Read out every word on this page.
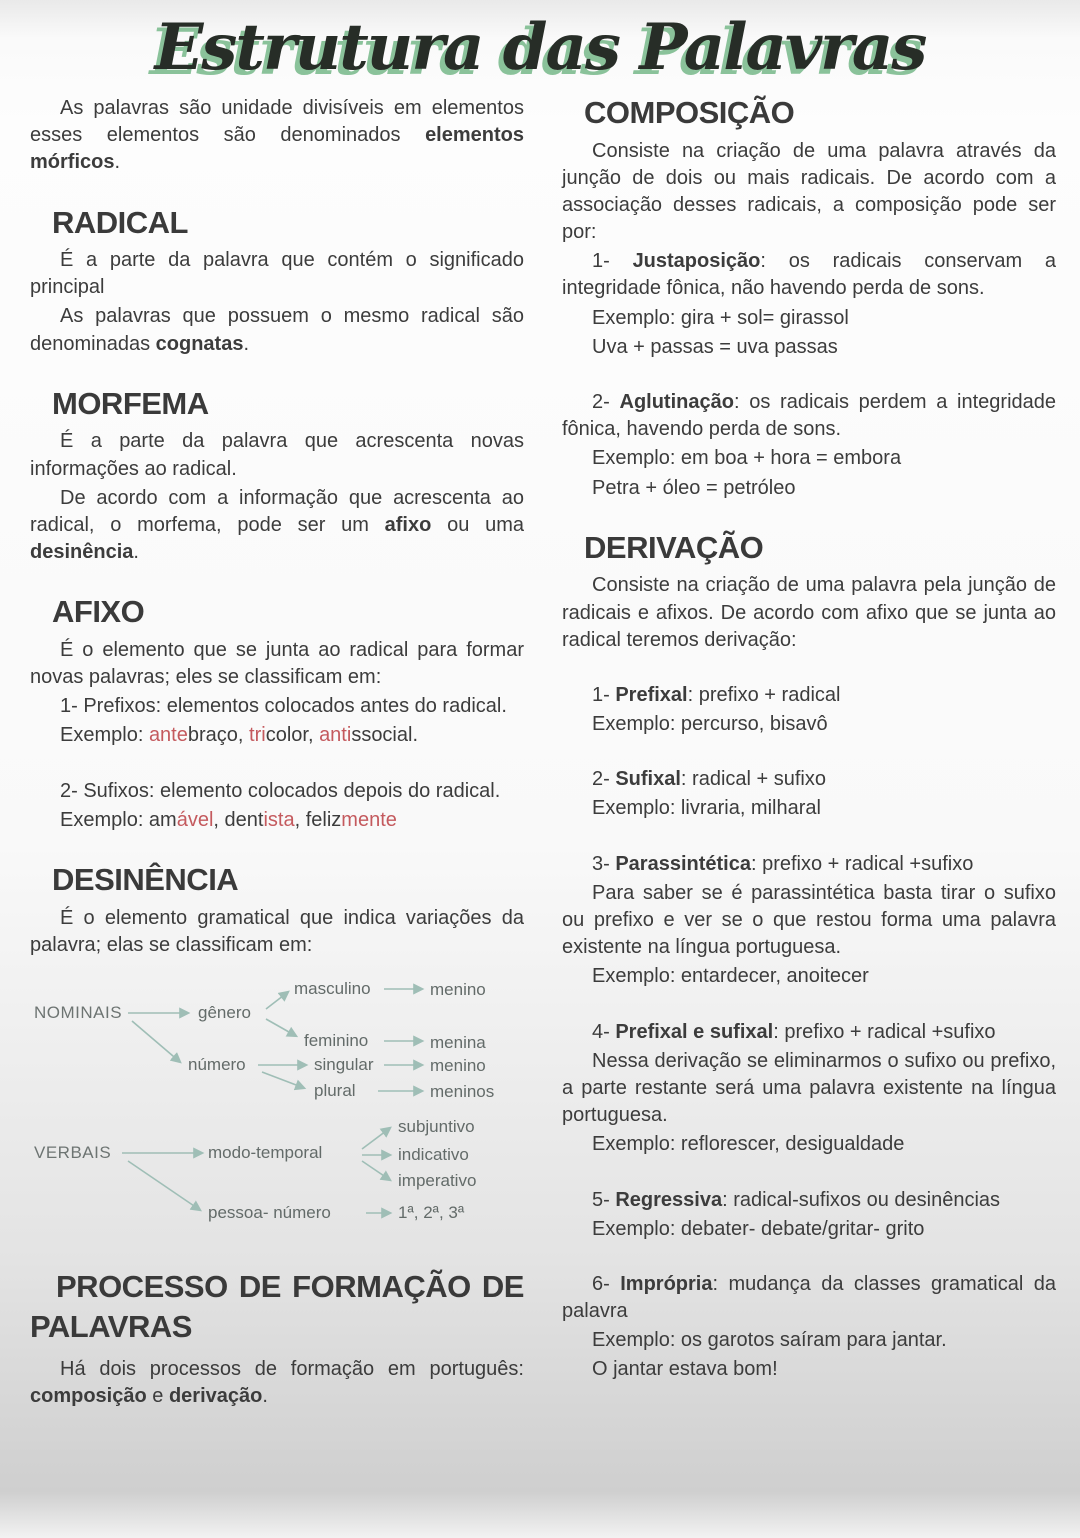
Estrutura das Palavras

As palavras são unidade divisíveis em elementos esses elementos são denominados elementos mórficos.

RADICAL

É a parte da palavra que contém o significado principal

As palavras que possuem o mesmo radical são denominadas cognatas.

MORFEMA

É a parte da palavra que acrescenta novas informações ao radical.

De acordo com a informação que acrescenta ao radical, o morfema, pode ser um afixo ou uma desinência.

AFIXO

É o elemento que se junta ao radical para formar novas palavras; eles se classificam em:

1- Prefixos: elementos colocados antes do radical.

Exemplo: antebraço, tricolor, antissocial.

2- Sufixos: elemento colocados depois do radical.

Exemplo: amável, dentista, felizmente

DESINÊNCIA

É o elemento gramatical que indica variações da palavra; elas se classificam em:

NOMINAIS	gênero
masculino	menino
feminino	menina
número	singular	menino
plural	meninos
VERBAIS	modo-temporal
subjuntivo
indicativo
imperativo
pessoa- número	1ª, 2ª, 3ª
PROCESSO DE FORMAÇÃO DE PALAVRAS

Há dois processos de formação em português: composição e derivação.

COMPOSIÇÃO

Consiste na criação de uma palavra através da junção de dois ou mais radicais. De acordo com a associação desses radicais, a composição pode ser por:

1- Justaposição: os radicais conservam a integridade fônica, não havendo perda de sons.

Exemplo: gira + sol= girassol

Uva + passas = uva passas

2- Aglutinação: os radicais perdem a integridade fônica, havendo perda de sons.

Exemplo: em boa + hora = embora

Petra + óleo = petróleo

DERIVAÇÃO

Consiste na criação de uma palavra pela junção de radicais e afixos. De acordo com afixo que se junta ao radical teremos derivação:

1- Prefixal: prefixo + radical

Exemplo: percurso, bisavô

2- Sufixal: radical + sufixo

Exemplo: livraria, milharal

3- Parassintética: prefixo + radical +sufixo

Para saber se é parassintética basta tirar o sufixo ou prefixo e ver se o que restou forma uma palavra existente na língua portuguesa.

Exemplo: entardecer, anoitecer

4- Prefixal e sufixal: prefixo + radical +sufixo

Nessa derivação se eliminarmos o sufixo ou prefixo, a parte restante será uma palavra existente na língua portuguesa.

Exemplo: reflorescer, desigualdade

5- Regressiva: radical-sufixos ou desinências

Exemplo: debater- debate/gritar- grito

6- Imprópria: mudança da classes gramatical da palavra

Exemplo: os garotos saíram para jantar.

O jantar estava bom!
